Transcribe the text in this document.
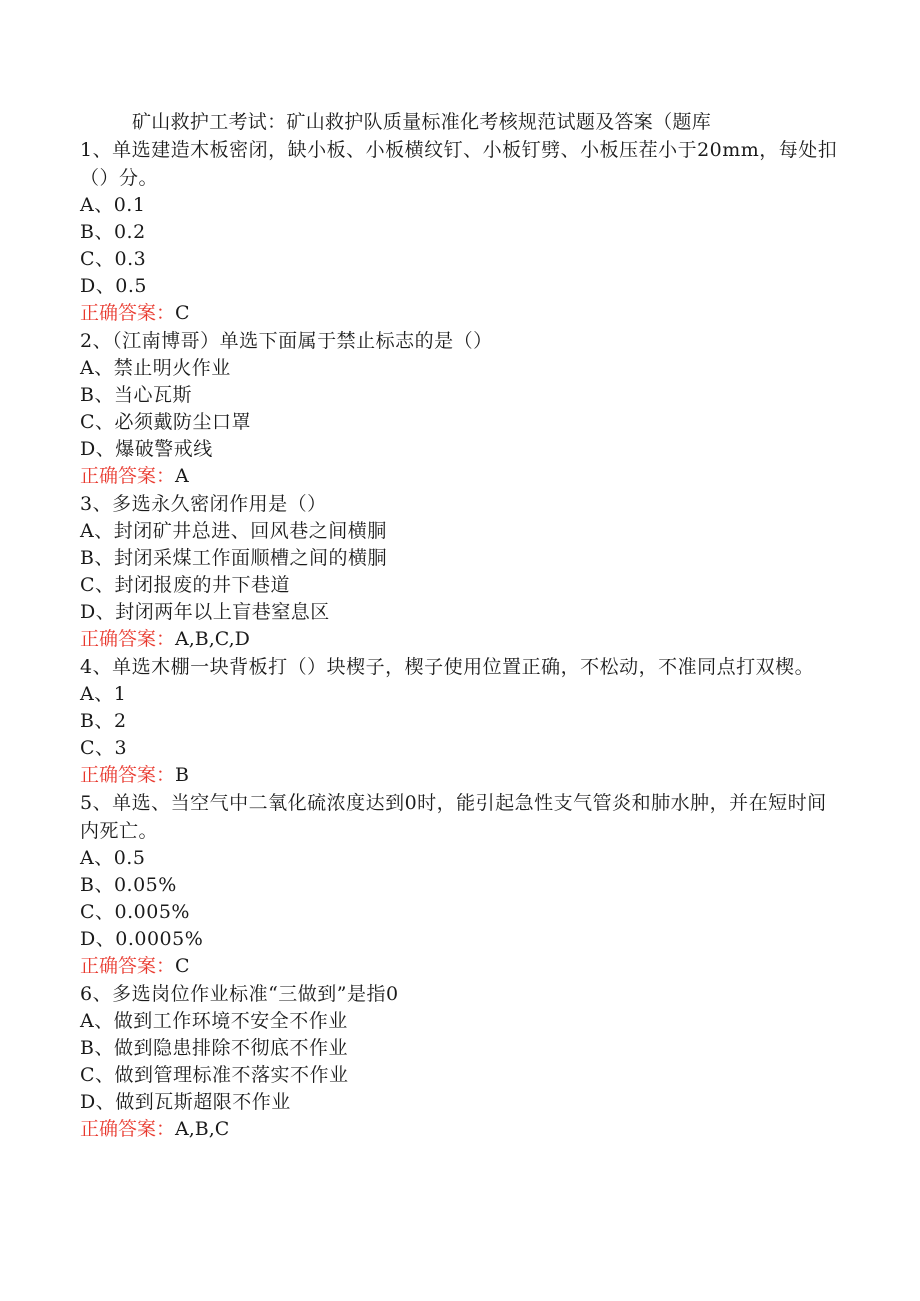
矿山救护工考试：矿山救护队质量标准化考核规范试题及答案（题库
1、单选建造木板密闭，缺小板、小板横纹钉、小板钉劈、小板压茬小于20mm，每处扣（）分。
A、0.1
B、0.2
C、0.3
D、0.5
正确答案：C
2、（江南博哥）单选下面属于禁止标志的是（）
A、禁止明火作业
B、当心瓦斯
C、必须戴防尘口罩
D、爆破警戒线
正确答案：A
3、多选永久密闭作用是（）
A、封闭矿井总进、回风巷之间横胴
B、封闭采煤工作面顺槽之间的横胴
C、封闭报废的井下巷道
D、封闭两年以上盲巷窒息区
正确答案：A,B,C,D
4、单选木棚一块背板打（）块楔子，楔子使用位置正确，不松动，不准同点打双楔。
A、1
B、2
C、3
正确答案：B
5、单选、当空气中二氧化硫浓度达到0时，能引起急性支气管炎和肺水肿，并在短时间内死亡。
A、0.5
B、0.05%
C、0.005%
D、0.0005%
正确答案：C
6、多选岗位作业标准“三做到”是指0
A、做到工作环境不安全不作业
B、做到隐患排除不彻底不作业
C、做到管理标准不落实不作业
D、做到瓦斯超限不作业
正确答案：A,B,C
